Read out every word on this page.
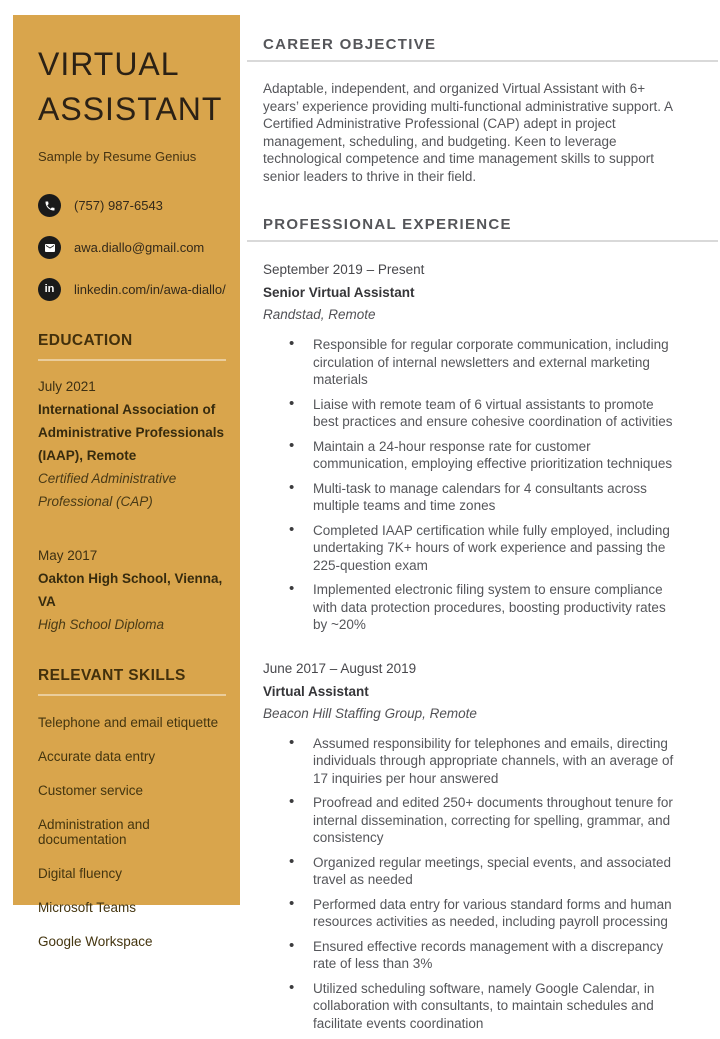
VIRTUAL
ASSISTANT
Sample by Resume Genius
(757) 987-6543
awa.diallo@gmail.com
in linkedin.com/in/awa-diallo/
EDUCATION
July 2021
International Association of Administrative Professionals (IAAP), Remote
Certified Administrative Professional (CAP)
May 2017
Oakton High School, Vienna, VA
High School Diploma
RELEVANT SKILLS
Telephone and email etiquette
Accurate data entry
Customer service
Administration and documentation
Digital fluency
Microsoft Teams
Google Workspace
CAREER OBJECTIVE

Adaptable, independent, and organized Virtual Assistant with 6+ years’ experience providing multi-functional administrative support. A Certified Administrative Professional (CAP) adept in project management, scheduling, and budgeting. Keen to leverage technological competence and time management skills to support senior leaders to thrive in their field.

PROFESSIONAL EXPERIENCE
September 2019 – Present
Senior Virtual Assistant
Randstad, Remote
• Responsible for regular corporate communication, including circulation of internal newsletters and external marketing materials
• Liaise with remote team of 6 virtual assistants to promote best practices and ensure cohesive coordination of activities
• Maintain a 24-hour response rate for customer communication, employing effective prioritization techniques
• Multi-task to manage calendars for 4 consultants across multiple teams and time zones
• Completed IAAP certification while fully employed, including undertaking 7K+ hours of work experience and passing the 225-question exam
• Implemented electronic filing system to ensure compliance with data protection procedures, boosting productivity rates by ~20%
June 2017 – August 2019
Virtual Assistant
Beacon Hill Staffing Group, Remote
• Assumed responsibility for telephones and emails, directing individuals through appropriate channels, with an average of 17 inquiries per hour answered
• Proofread and edited 250+ documents throughout tenure for internal dissemination, correcting for spelling, grammar, and consistency
• Organized regular meetings, special events, and associated travel as needed
• Performed data entry for various standard forms and human resources activities as needed, including payroll processing
• Ensured effective records management with a discrepancy rate of less than 3%
• Utilized scheduling software, namely Google Calendar, in collaboration with consultants, to maintain schedules and facilitate events coordination
